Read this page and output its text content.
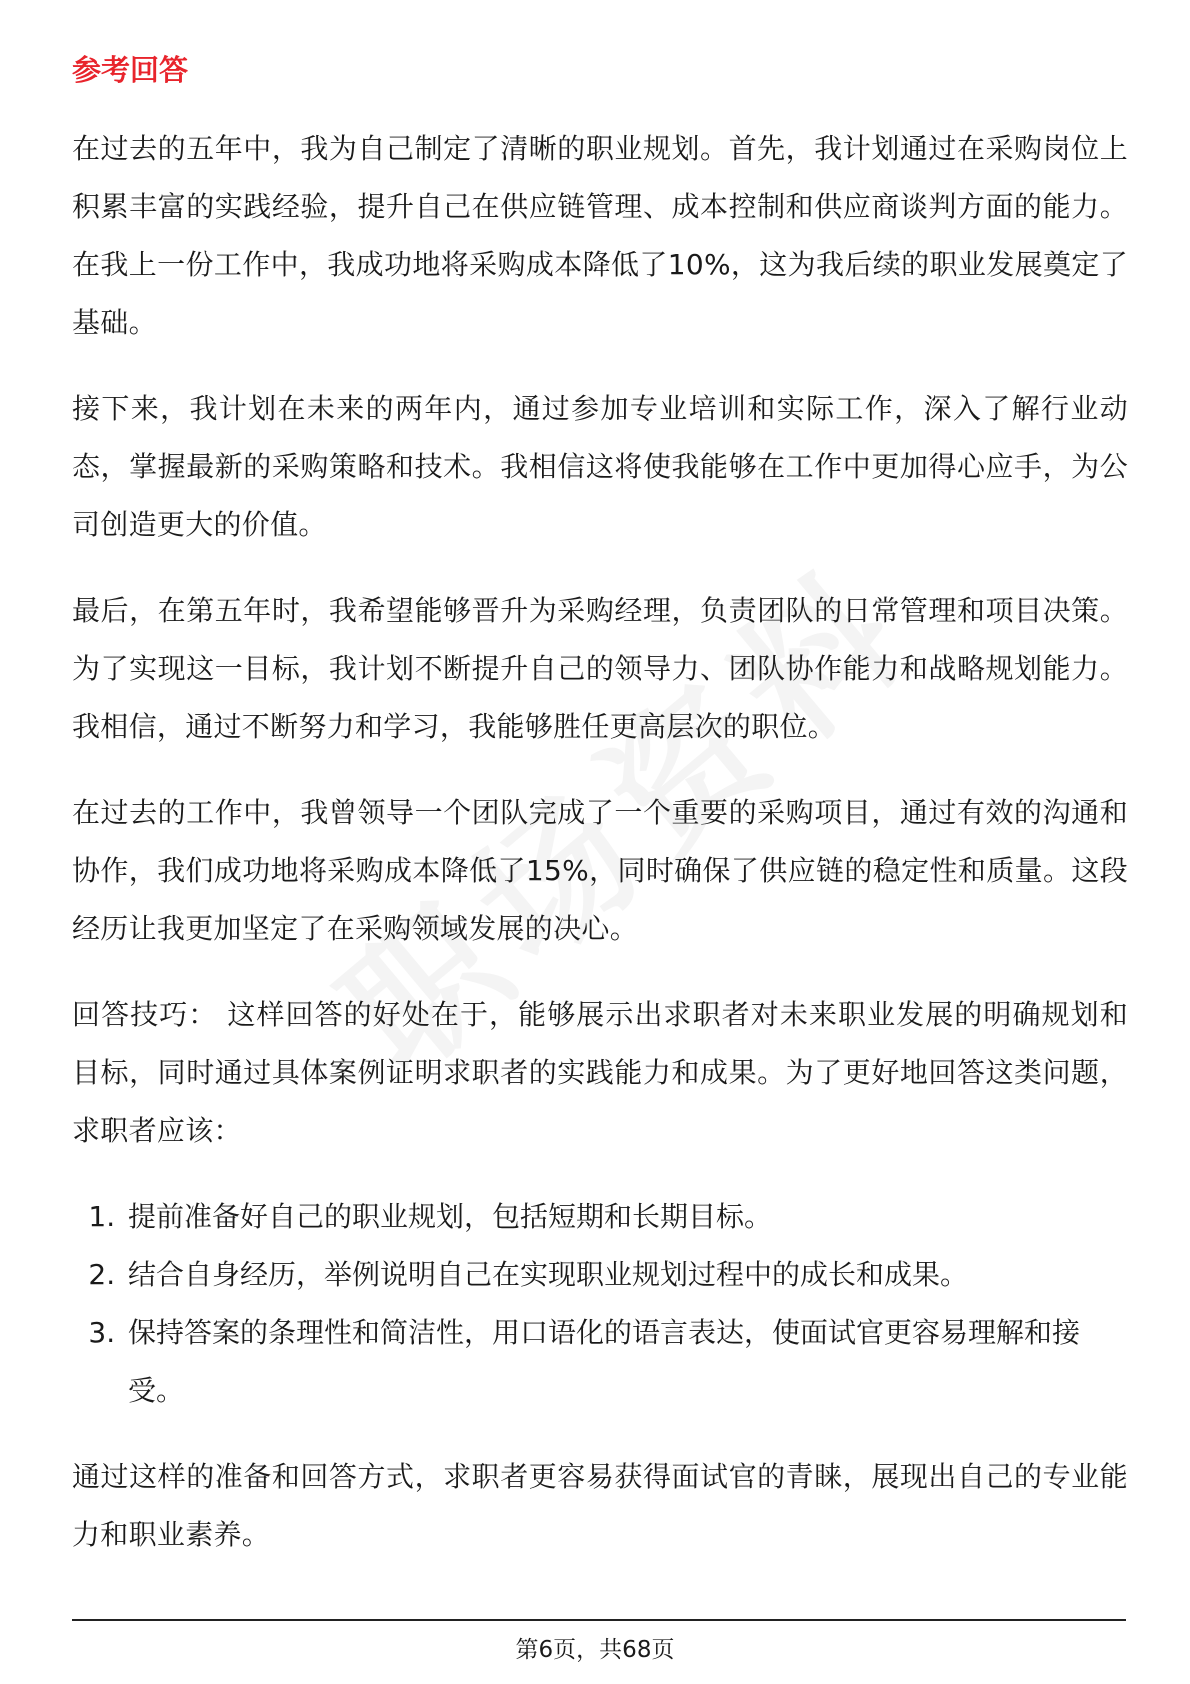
参考回答

在过去的五年中，我为自己制定了清晰的职业规划。首先，我计划通过在采购岗位上积累丰富的实践经验，提升自己在供应链管理、成本控制和供应商谈判方面的能力。在我上一份工作中，我成功地将采购成本降低了10%，这为我后续的职业发展奠定了基础。

接下来，我计划在未来的两年内，通过参加专业培训和实际工作，深入了解行业动态，掌握最新的采购策略和技术。我相信这将使我能够在工作中更加得心应手，为公司创造更大的价值。

最后，在第五年时，我希望能够晋升为采购经理，负责团队的日常管理和项目决策。为了实现这一目标，我计划不断提升自己的领导力、团队协作能力和战略规划能力。我相信，通过不断努力和学习，我能够胜任更高层次的职位。

在过去的工作中，我曾领导一个团队完成了一个重要的采购项目，通过有效的沟通和协作，我们成功地将采购成本降低了15%，同时确保了供应链的稳定性和质量。这段经历让我更加坚定了在采购领域发展的决心。

回答技巧： 这样回答的好处在于，能够展示出求职者对未来职业发展的明确规划和目标，同时通过具体案例证明求职者的实践能力和成果。为了更好地回答这类问题，求职者应该：

1. 提前准备好自己的职业规划，包括短期和长期目标。
2. 结合自身经历，举例说明自己在实现职业规划过程中的成长和成果。
3. 保持答案的条理性和简洁性，用口语化的语言表达，使面试官更容易理解和接受。

通过这样的准备和回答方式，求职者更容易获得面试官的青睐，展现出自己的专业能力和职业素养。

第6页，共68页
